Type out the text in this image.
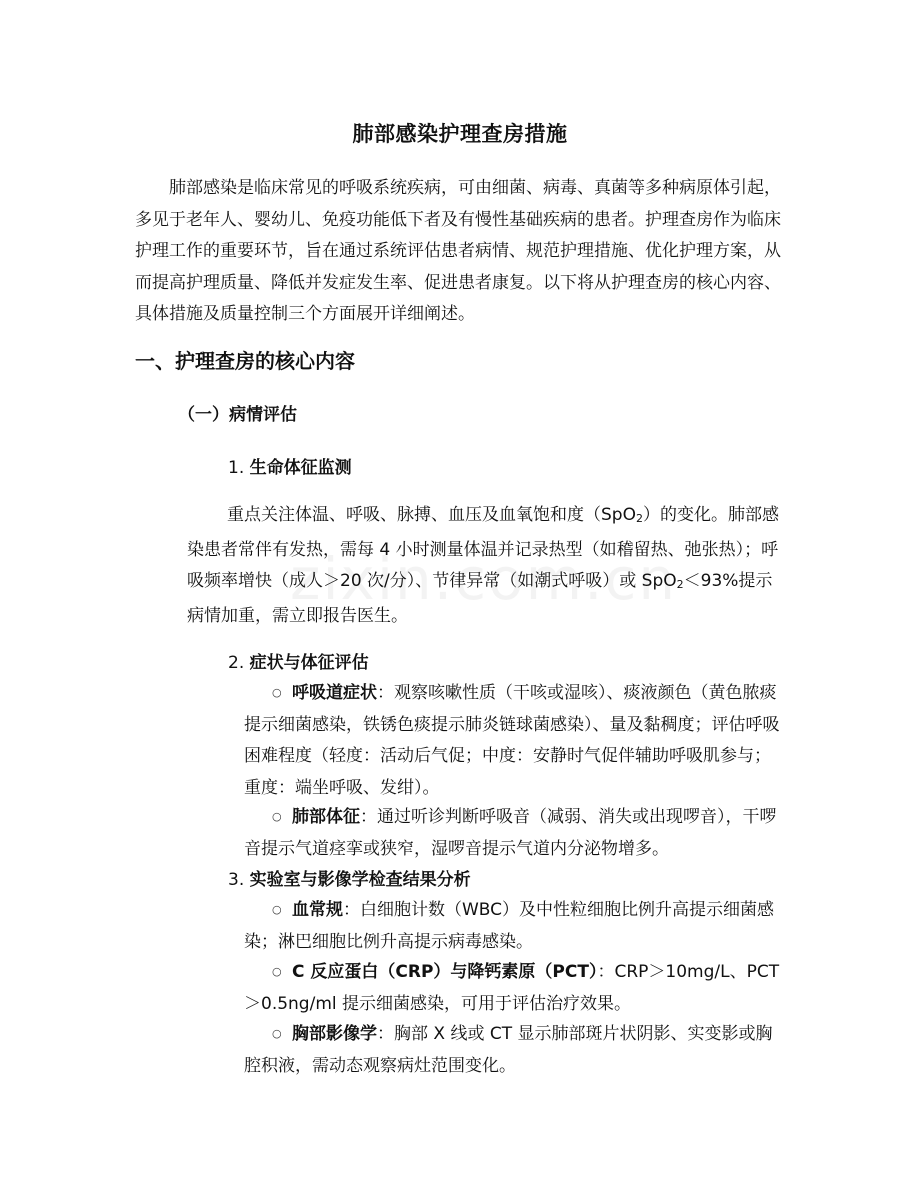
肺部感染护理查房措施

肺部感染是临床常见的呼吸系统疾病，可由细菌、病毒、真菌等多种病原体引起，多见于老年人、婴幼儿、免疫功能低下者及有慢性基础疾病的患者。护理查房作为临床护理工作的重要环节，旨在通过系统评估患者病情、规范护理措施、优化护理方案，从而提高护理质量、降低并发症发生率、促进患者康复。以下将从护理查房的核心内容、具体措施及质量控制三个方面展开详细阐述。

一、护理查房的核心内容
（一）病情评估
1. 生命体征监测

重点关注体温、呼吸、脉搏、血压及血氧饱和度（SpO$_2$）的变化。肺部感染患者常伴有发热，需每 4 小时测量体温并记录热型（如稽留热、弛张热）；呼吸频率增快（成人＞20 次/分）、节律异常（如潮式呼吸）或 SpO$_2$＜93%提示病情加重，需立即报告医生。

2. 症状与体征评估

○ 呼吸道症状：观察咳嗽性质（干咳或湿咳）、痰液颜色（黄色脓痰提示细菌感染，铁锈色痰提示肺炎链球菌感染）、量及黏稠度；评估呼吸困难程度（轻度：活动后气促；中度：安静时气促伴辅助呼吸肌参与；重度：端坐呼吸、发绀）。

○ 肺部体征：通过听诊判断呼吸音（减弱、消失或出现啰音），干啰音提示气道痉挛或狭窄，湿啰音提示气道内分泌物增多。

3. 实验室与影像学检查结果分析

○ 血常规：白细胞计数（WBC）及中性粒细胞比例升高提示细菌感染；淋巴细胞比例升高提示病毒感染。

○ C 反应蛋白（CRP）与降钙素原（PCT）：CRP＞10mg/L、PCT＞0.5ng/ml 提示细菌感染，可用于评估治疗效果。

○ 胸部影像学：胸部 X 线或 CT 显示肺部斑片状阴影、实变影或胸腔积液，需动态观察病灶范围变化。
